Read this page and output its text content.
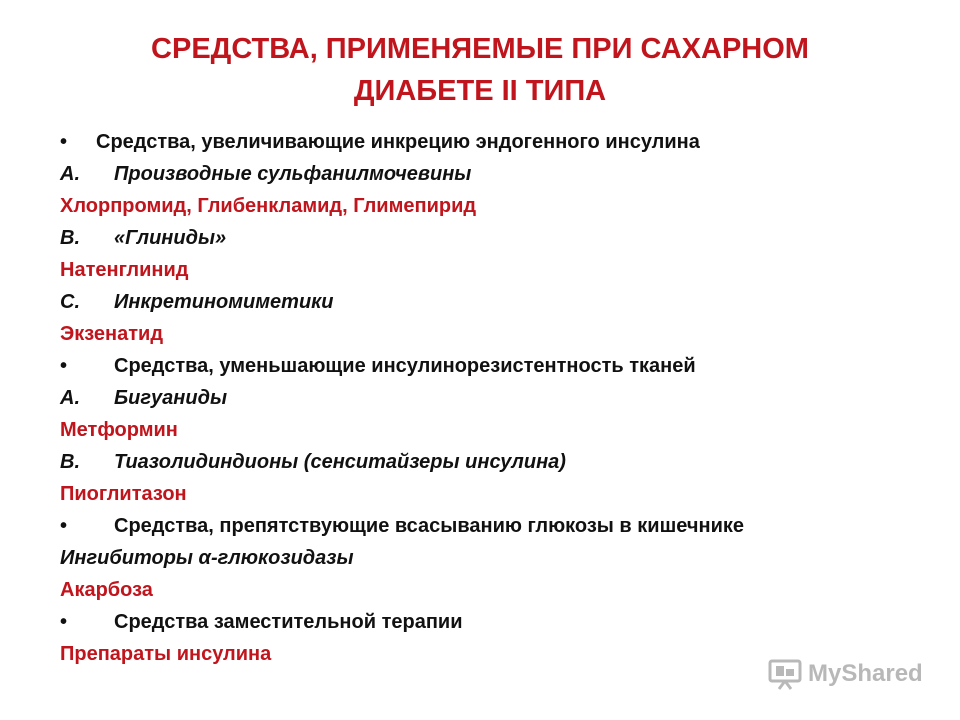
СРЕДСТВА, ПРИМЕНЯЕМЫЕ ПРИ САХАРНОМ
ДИАБЕТЕ II ТИПА
• Средства, увеличивающие инкрецию эндогенного инсулина
A. Производные сульфанилмочевины
Хлорпромид, Глибенкламид, Глимепирид
B. «Глиниды»
Натенглинид
C. Инкретиномиметики
Экзенатид
• Средства, уменьшающие инсулинорезистентность тканей
A. Бигуаниды
Метформин
B. Тиазолидиндионы (сенситайзеры инсулина)
Пиоглитазон
• Средства, препятствующие всасыванию глюкозы в кишечнике
Ингибиторы α-глюкозидазы
Акарбоза
• Средства заместительной терапии
Препараты инсулина
MyShared
